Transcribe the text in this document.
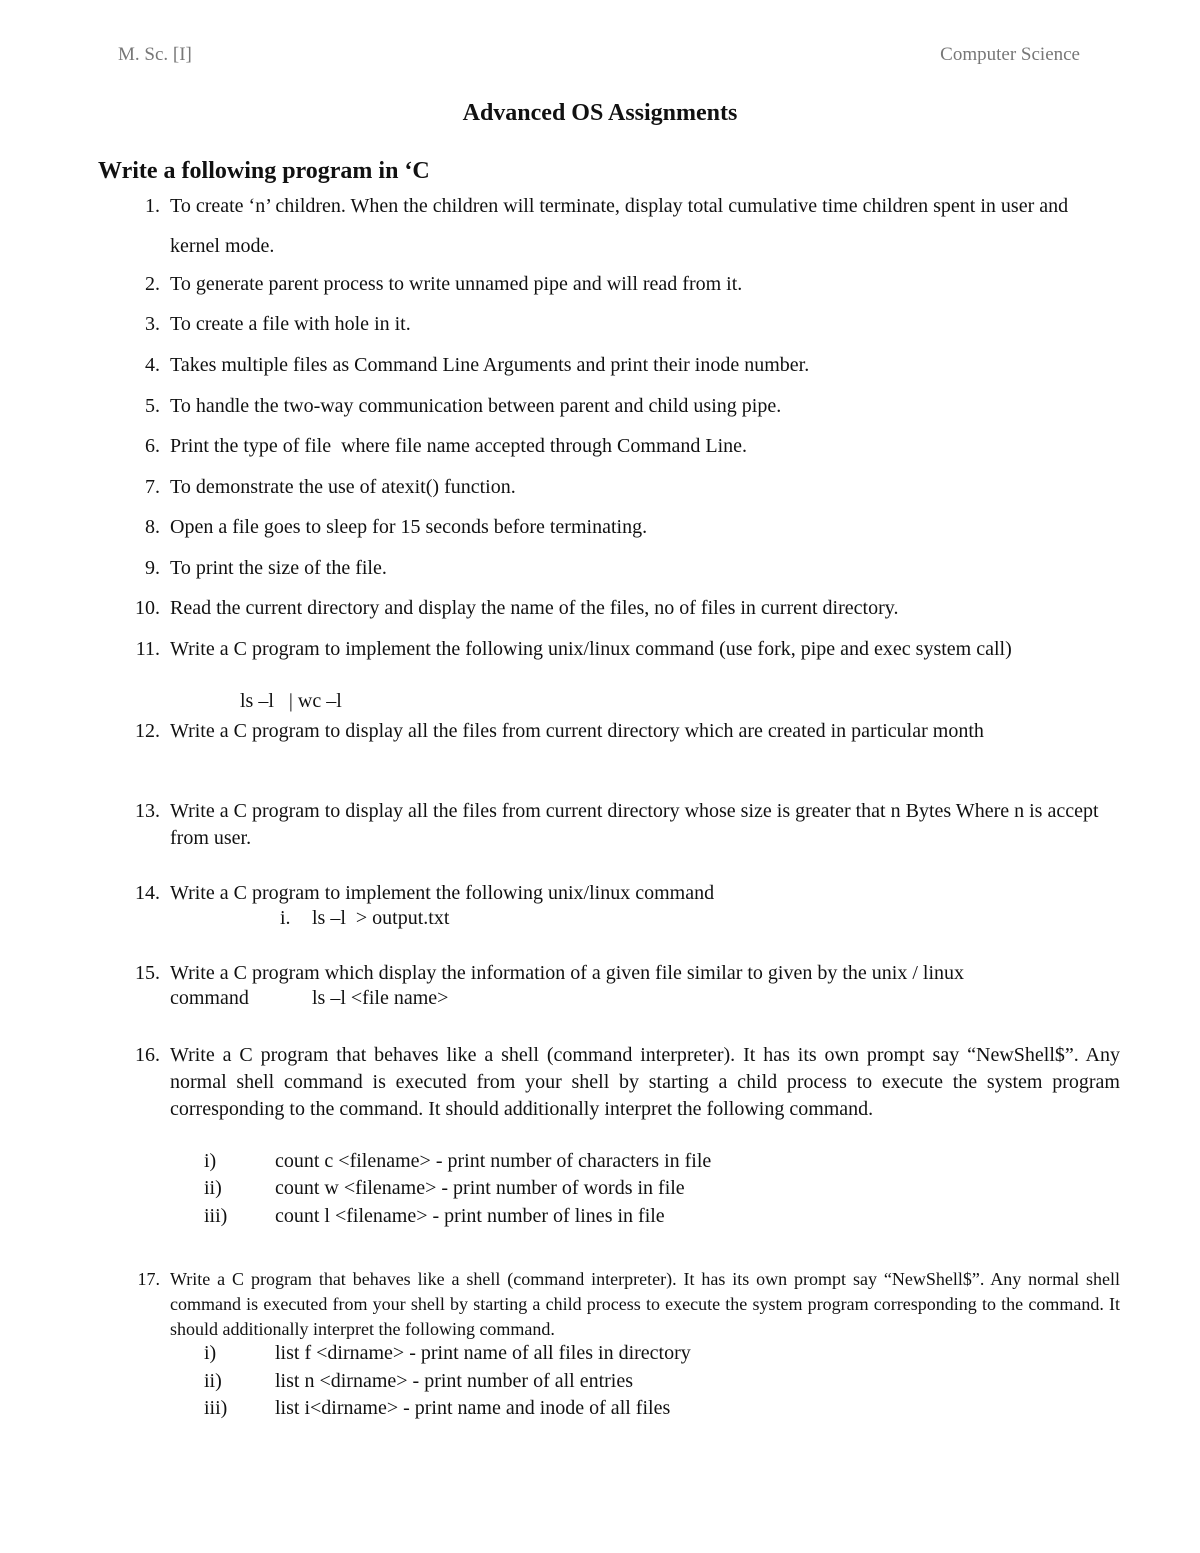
M. Sc. [I]	Computer Science
Advanced OS Assignments
Write a following program in ‘C
1. To create ‘n’ children. When the children will terminate, display total cumulative time children spent in user and kernel mode.
2. To generate parent process to write unnamed pipe and will read from it.
3. To create a file with hole in it.
4. Takes multiple files as Command Line Arguments and print their inode number.
5. To handle the two-way communication between parent and child using pipe.
6. Print the type of file  where file name accepted through Command Line.
7. To demonstrate the use of atexit() function.
8. Open a file goes to sleep for 15 seconds before terminating.
9. To print the size of the file.
10. Read the current directory and display the name of the files, no of files in current directory.
11. Write a C program to implement the following unix/linux command (use fork, pipe and exec system call)
ls –l   | wc –l
12. Write a C program to display all the files from current directory which are created in particular month
13. Write a C program to display all the files from current directory whose size is greater that n Bytes Where n is accept from user.
14. Write a C program to implement the following unix/linux command
i. ls –l  > output.txt
15. Write a C program which display the information of a given file similar to given by the unix / linux
command	ls –l <file name>
16. Write a C program that behaves like a shell (command interpreter). It has its own prompt say “NewShell$”. Any normal shell command is executed from your shell by starting a child process to execute the system program corresponding to the command. It should additionally interpret the following command.
i)	count c <filename> - print number of characters in file
ii)	count w <filename> - print number of words in file
iii) count l <filename> - print number of lines in file
17. Write a C program that behaves like a shell (command interpreter). It has its own prompt say “NewShell$”. Any normal shell command is executed from your shell by starting a child process to execute the system program corresponding to the command. It should additionally interpret the following command.
i)	list f <dirname> - print name of all files in directory
ii)	list n <dirname> - print number of all entries
iii) list i<dirname> - print name and inode of all files
